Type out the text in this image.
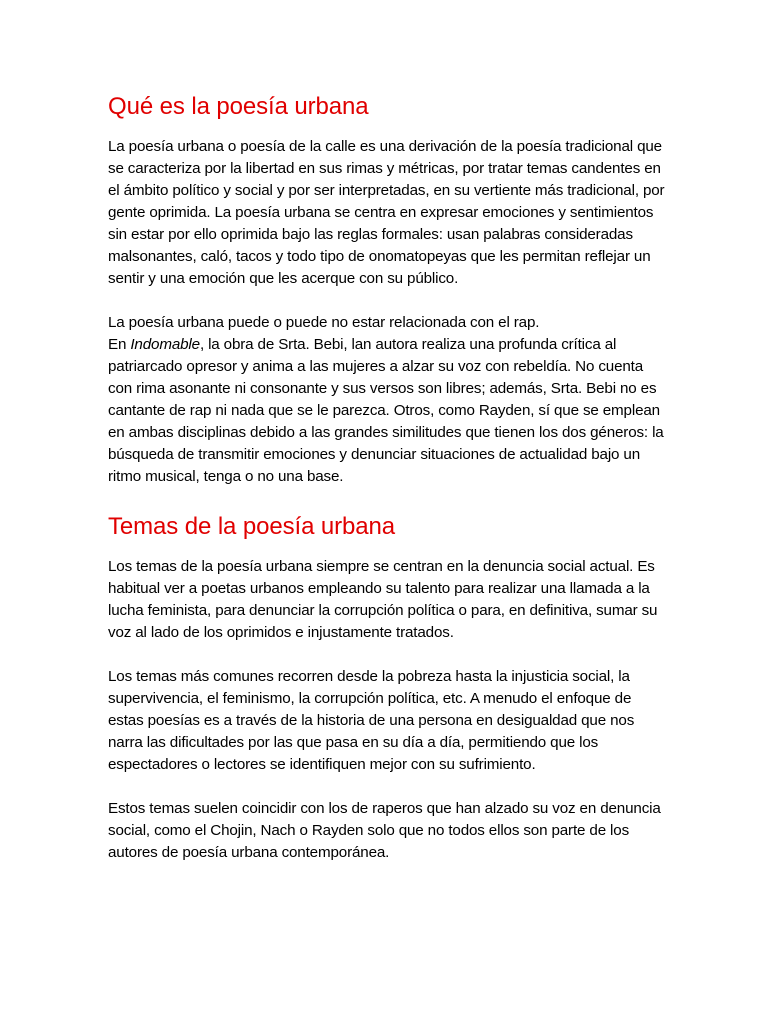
Qué es la poesía urbana

La poesía urbana o poesía de la calle es una derivación de la poesía tradicional que se caracteriza por la libertad en sus rimas y métricas, por tratar temas candentes en el ámbito político y social y por ser interpretadas, en su vertiente más tradicional, por gente oprimida. La poesía urbana se centra en expresar emociones y sentimientos sin estar por ello oprimida bajo las reglas formales: usan palabras consideradas malsonantes, caló, tacos y todo tipo de onomatopeyas que les permitan reflejar un sentir y una emoción que les acerque con su público.

La poesía urbana puede o puede no estar relacionada con el rap.
En Indomable, la obra de Srta. Bebi, lan autora realiza una profunda crítica al patriarcado opresor y anima a las mujeres a alzar su voz con rebeldía. No cuenta con rima asonante ni consonante y sus versos son libres; además, Srta. Bebi no es cantante de rap ni nada que se le parezca. Otros, como Rayden, sí que se emplean en ambas disciplinas debido a las grandes similitudes que tienen los dos géneros: la búsqueda de transmitir emociones y denunciar situaciones de actualidad bajo un ritmo musical, tenga o no una base.

Temas de la poesía urbana

Los temas de la poesía urbana siempre se centran en la denuncia social actual. Es habitual ver a poetas urbanos empleando su talento para realizar una llamada a la lucha feminista, para denunciar la corrupción política o para, en definitiva, sumar su voz al lado de los oprimidos e injustamente tratados.

Los temas más comunes recorren desde la pobreza hasta la injusticia social, la supervivencia, el feminismo, la corrupción política, etc. A menudo el enfoque de estas poesías es a través de la historia de una persona en desigualdad que nos narra las dificultades por las que pasa en su día a día, permitiendo que los espectadores o lectores se identifiquen mejor con su sufrimiento.

Estos temas suelen coincidir con los de raperos que han alzado su voz en denuncia social, como el Chojin, Nach o Rayden solo que no todos ellos son parte de los autores de poesía urbana contemporánea.
